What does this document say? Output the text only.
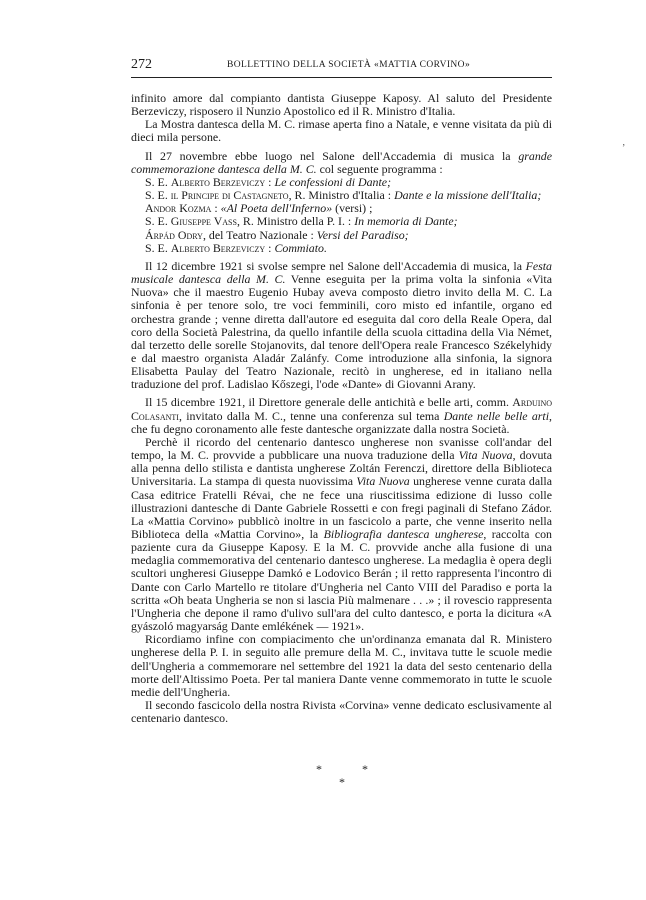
272	BOLLETTINO DELLA SOCIETÀ «MATTIA CORVINO»

infinito amore dal compianto dantista Giuseppe Kaposy. Al saluto del Presidente Berzeviczy, risposero il Nunzio Apostolico ed il R. Ministro d'Italia.

La Mostra dantesca della M. C. rimase aperta fino a Natale, e venne visitata da più di dieci mila persone.

Il 27 novembre ebbe luogo nel Salone dell'Accademia di musica la grande commemorazione dantesca della M. C. col seguente programma :

S. E. Alberto Berzeviczy : Le confessioni di Dante;

S. E. il Principe di Castagneto, R. Ministro d'Italia : Dante e la missione dell'Italia;

Andor Kozma : «Al Poeta dell'Inferno» (versi) ;

S. E. Giuseppe Vass, R. Ministro della P. I. : In memoria di Dante;

Árpád Odry, del Teatro Nazionale : Versi del Paradiso;

S. E. Alberto Berzeviczy : Commiato.

Il 12 dicembre 1921 si svolse sempre nel Salone dell'Accademia di musica, la Festa musicale dantesca della M. C. Venne eseguita per la prima volta la sinfonia «Vita Nuova» che il maestro Eugenio Hubay aveva composto dietro invito della M. C. La sinfonia è per tenore solo, tre voci femminili, coro misto ed infantile, organo ed orchestra grande ; venne diretta dall'autore ed eseguita dal coro della Reale Opera, dal coro della Società Palestrina, da quello infantile della scuola cittadina della Via Német, dal terzetto delle sorelle Stojanovits, dal tenore dell'Opera reale Francesco Székelyhidy e dal maestro organista Aladár Zalánfy. Come introduzione alla sinfonia, la signora Elisabetta Paulay del Teatro Nazionale, recitò in ungherese, ed in italiano nella traduzione del prof. Ladislao Kőszegi, l'ode «Dante» di Giovanni Arany.

Il 15 dicembre 1921, il Direttore generale delle antichità e belle arti, comm. Arduino Colasanti, invitato dalla M. C., tenne una conferenza sul tema Dante nelle belle arti, che fu degno coronamento alle feste dantesche organizzate dalla nostra Società.

Perchè il ricordo del centenario dantesco ungherese non svanisse coll'andar del tempo, la M. C. provvide a pubblicare una nuova traduzione della Vita Nuova, dovuta alla penna dello stilista e dantista ungherese Zoltán Ferenczi, direttore della Biblioteca Universitaria. La stampa di questa nuovissima Vita Nuova ungherese venne curata dalla Casa editrice Fratelli Révai, che ne fece una riuscitissima edizione di lusso colle illustrazioni dantesche di Dante Gabriele Rossetti e con fregi paginali di Stefano Zádor. La «Mattia Corvino» pubblicò inoltre in un fascicolo a parte, che venne inserito nella Biblioteca della «Mattia Corvino», la Bibliografia dantesca ungherese, raccolta con paziente cura da Giuseppe Kaposy. E la M. C. provvide anche alla fusione di una medaglia commemorativa del centenario dantesco ungherese. La medaglia è opera degli scultori ungheresi Giuseppe Damkó e Lodovico Berán ; il retto rappresenta l'incontro di Dante con Carlo Martello re titolare d'Ungheria nel Canto VIII del Paradiso e porta la scritta «Oh beata Ungheria se non si lascia Più malmenare . . .» ; il rovescio rappresenta l'Ungheria che depone il ramo d'ulivo sull'ara del culto dantesco, e porta la dicitura «A gyászoló magyarság Dante emlékének — 1921».

Ricordiamo infine con compiacimento che un'ordinanza emanata dal R. Ministero ungherese della P. I. in seguito alle premure della M. C., invitava tutte le scuole medie dell'Ungheria a commemorare nel settembre del 1921 la data del sesto centenario della morte dell'Altissimo Poeta. Per tal maniera Dante venne commemorato in tutte le scuole medie dell'Ungheria.

Il secondo fascicolo della nostra Rivista «Corvina» venne dedicato esclusivamente al centenario dantesco.

*	*
*
ʼ
